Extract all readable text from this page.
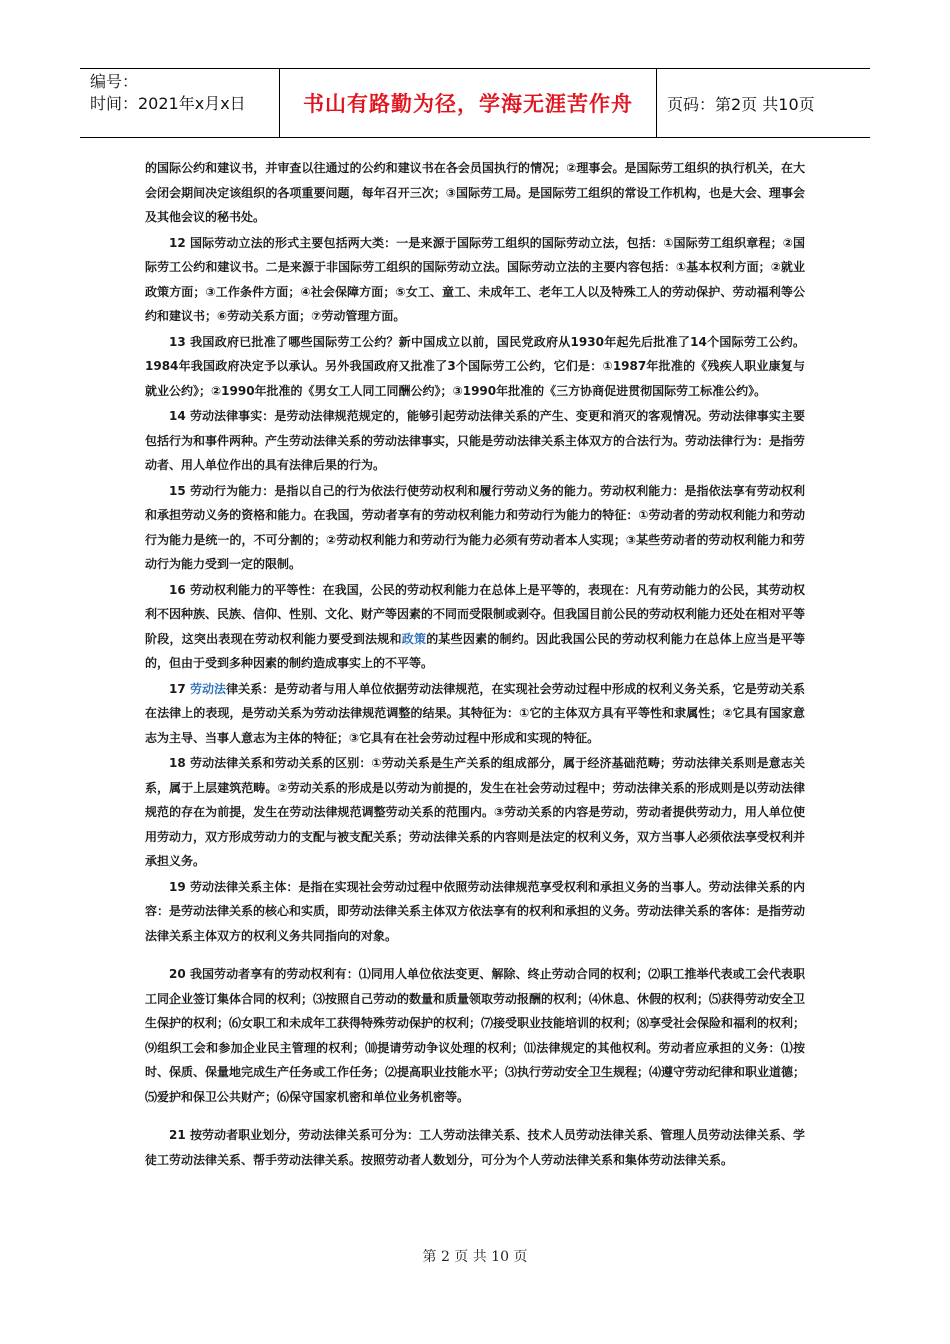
编号：
时间：2021年x月x日	书山有路勤为径，学海无涯苦作舟	页码：第2页 共10页

的国际公约和建议书，并审查以往通过的公约和建议书在各会员国执行的情况；②理事会。是国际劳工组织的执行机关，在大会闭会期间决定该组织的各项重要问题，每年召开三次；③国际劳工局。是国际劳工组织的常设工作机构，也是大会、理事会及其他会议的秘书处。

12 国际劳动立法的形式主要包括两大类：一是来源于国际劳工组织的国际劳动立法，包括：①国际劳工组织章程；②国际劳工公约和建议书。二是来源于非国际劳工组织的国际劳动立法。国际劳动立法的主要内容包括：①基本权利方面；②就业政策方面；③工作条件方面；④社会保障方面；⑤女工、童工、未成年工、老年工人以及特殊工人的劳动保护、劳动福利等公约和建议书；⑥劳动关系方面；⑦劳动管理方面。

13 我国政府已批准了哪些国际劳工公约？新中国成立以前，国民党政府从1930年起先后批准了14个国际劳工公约。1984年我国政府决定予以承认。另外我国政府又批准了3个国际劳工公约，它们是：①1987年批准的《残疾人职业康复与就业公约》；②1990年批准的《男女工人同工同酬公约》；③1990年批准的《三方协商促进贯彻国际劳工标准公约》。

14 劳动法律事实：是劳动法律规范规定的，能够引起劳动法律关系的产生、变更和消灭的客观情况。劳动法律事实主要包括行为和事件两种。产生劳动法律关系的劳动法律事实，只能是劳动法律关系主体双方的合法行为。劳动法律行为：是指劳动者、用人单位作出的具有法律后果的行为。

15 劳动行为能力：是指以自己的行为依法行使劳动权利和履行劳动义务的能力。劳动权利能力：是指依法享有劳动权利和承担劳动义务的资格和能力。在我国，劳动者享有的劳动权利能力和劳动行为能力的特征：①劳动者的劳动权利能力和劳动行为能力是统一的，不可分割的；②劳动权利能力和劳动行为能力必须有劳动者本人实现；③某些劳动者的劳动权利能力和劳动行为能力受到一定的限制。

16 劳动权利能力的平等性：在我国，公民的劳动权利能力在总体上是平等的，表现在：凡有劳动能力的公民，其劳动权利不因种族、民族、信仰、性别、文化、财产等因素的不同而受限制或剥夺。但我国目前公民的劳动权利能力还处在相对平等阶段，这突出表现在劳动权利能力要受到法规和政策的某些因素的制约。因此我国公民的劳动权利能力在总体上应当是平等的，但由于受到多种因素的制约造成事实上的不平等。

17 劳动法律关系：是劳动者与用人单位依据劳动法律规范，在实现社会劳动过程中形成的权利义务关系，它是劳动关系在法律上的表现，是劳动关系为劳动法律规范调整的结果。其特征为：①它的主体双方具有平等性和隶属性；②它具有国家意志为主导、当事人意志为主体的特征；③它具有在社会劳动过程中形成和实现的特征。

18 劳动法律关系和劳动关系的区别：①劳动关系是生产关系的组成部分，属于经济基础范畴；劳动法律关系则是意志关系，属于上层建筑范畴。②劳动关系的形成是以劳动为前提的，发生在社会劳动过程中；劳动法律关系的形成则是以劳动法律规范的存在为前提，发生在劳动法律规范调整劳动关系的范围内。③劳动关系的内容是劳动，劳动者提供劳动力，用人单位使用劳动力，双方形成劳动力的支配与被支配关系；劳动法律关系的内容则是法定的权利义务，双方当事人必须依法享受权利并承担义务。

19 劳动法律关系主体：是指在实现社会劳动过程中依照劳动法律规范享受权利和承担义务的当事人。劳动法律关系的内容：是劳动法律关系的核心和实质，即劳动法律关系主体双方依法享有的权利和承担的义务。劳动法律关系的客体：是指劳动法律关系主体双方的权利义务共同指向的对象。

20 我国劳动者享有的劳动权利有：⑴同用人单位依法变更、解除、终止劳动合同的权利；⑵职工推举代表或工会代表职工同企业签订集体合同的权利；⑶按照自己劳动的数量和质量领取劳动报酬的权利；⑷休息、休假的权利；⑸获得劳动安全卫生保护的权利；⑹女职工和未成年工获得特殊劳动保护的权利；⑺接受职业技能培训的权利；⑻享受社会保险和福利的权利；⑼组织工会和参加企业民主管理的权利；⑽提请劳动争议处理的权利；⑾法律规定的其他权利。劳动者应承担的义务：⑴按时、保质、保量地完成生产任务或工作任务；⑵提高职业技能水平；⑶执行劳动安全卫生规程；⑷遵守劳动纪律和职业道德；⑸爱护和保卫公共财产；⑹保守国家机密和单位业务机密等。

21 按劳动者职业划分，劳动法律关系可分为：工人劳动法律关系、技术人员劳动法律关系、管理人员劳动法律关系、学徒工劳动法律关系、帮手劳动法律关系。按照劳动者人数划分，可分为个人劳动法律关系和集体劳动法律关系。

第 2 页 共 10 页
